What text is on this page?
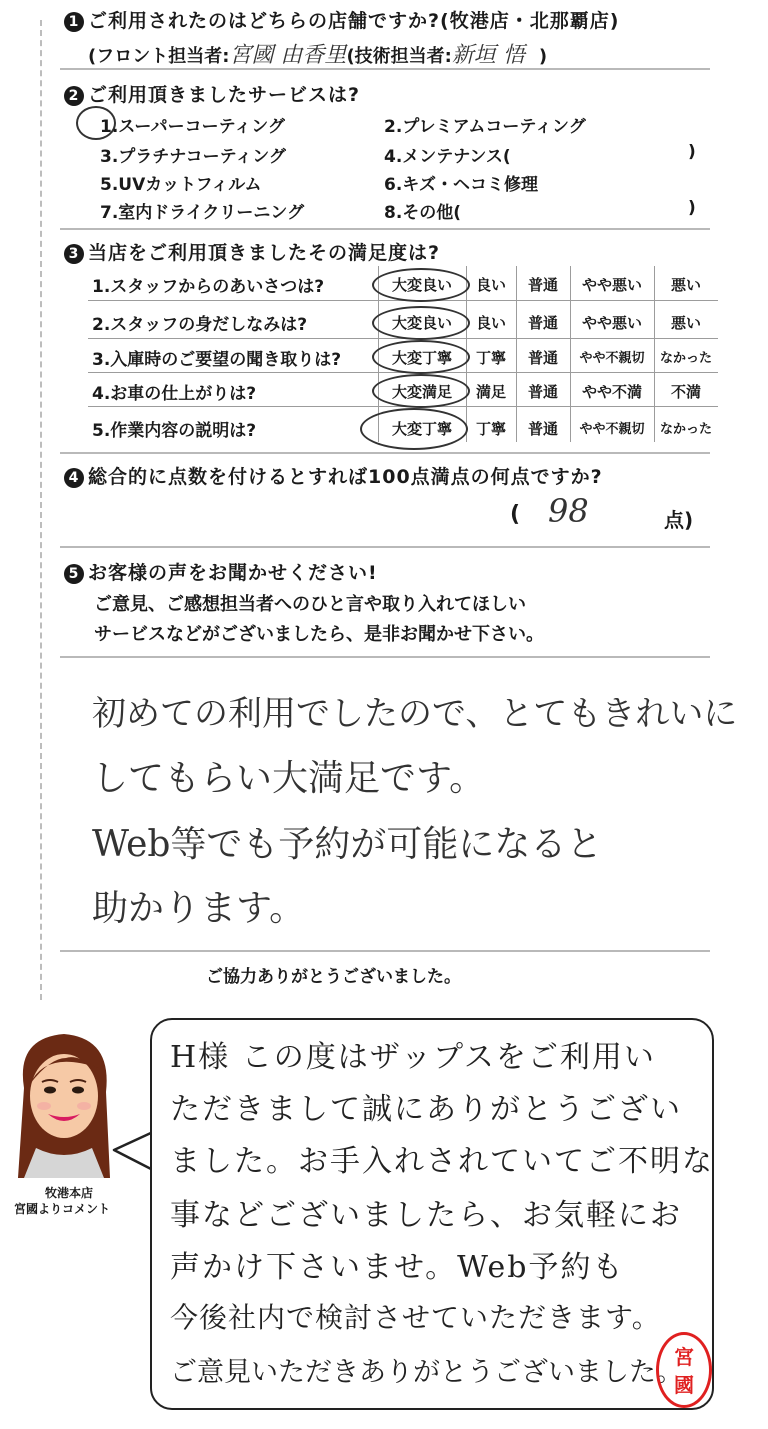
1 ご利用されたのはどちらの店舗ですか?(牧港店・北那覇店)
(フロント担当者:宮國 由香里(技術担当者:新垣 悟 )
2 ご利用頂きましたサービスは?
1.スーパーコーティング	2.プレミアムコーティング
3.プラチナコーティング	4.メンテナンス(	)
5.UVカットフィルム	6.キズ・ヘコミ修理
7.室内ドライクリーニング	8.その他(	)
3 当店をご利用頂きましたその満足度は?
1.スタッフからのあいさつは?	大変良い	良い	普通	やや悪い	悪い
2.スタッフの身だしなみは?	大変良い	良い	普通	やや悪い	悪い
3.入庫時のご要望の聞き取りは?	大変丁寧	丁寧	普通	やや不親切	なかった
4.お車の仕上がりは?	大変満足	満足	普通	やや不満	不満
5.作業内容の説明は?	大変丁寧	丁寧	普通	やや不親切	なかった
4 総合的に点数を付けるとすれば100点満点の何点ですか?
( 98	点)
5 お客様の声をお聞かせください!
ご意見、ご感想担当者へのひと言や取り入れてほしい
サービスなどがございましたら、是非お聞かせ下さい。
初めての利用でしたので、とてもきれいに
してもらい大満足です。
Web等でも予約が可能になると
助かります。
ご協力ありがとうございました。
牧港本店
宮國よりコメント
H様 この度はザップスをご利用い
ただきまして誠にありがとうござい
ました。お手入れされていてご不明な
事などございましたら、お気軽にお
声かけ下さいませ。Web予約も
今後社内で検討させていただきます。
ご意見いただきありがとうございました。
宮
國
